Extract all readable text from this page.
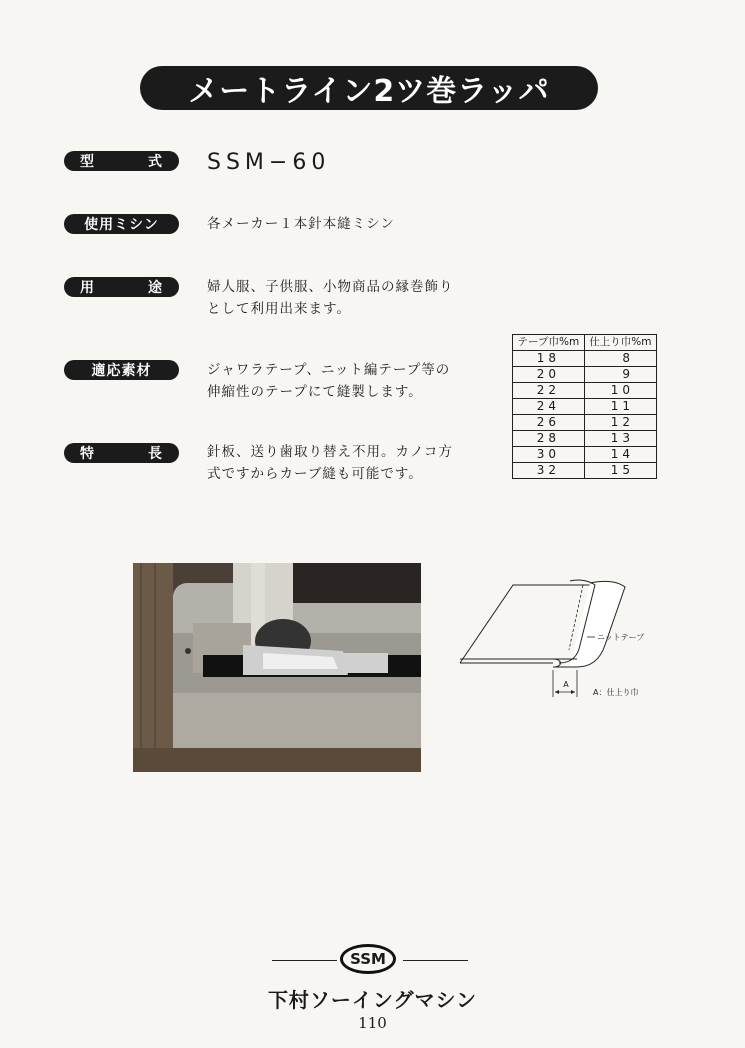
メートライン2ツ巻ラッパ
型	式 SSM−60
使用ミシン	各メーカー１本針本縫ミシン
用	途	婦人服、子供服、小物商品の縁巻飾り
として利用出来ます。
適応素材	ジャワラテープ、ニット編テープ等の
伸縮性のテープにて縫製します。
特	長	針板、送り歯取り替え不用。カノコ方
式ですからカーブ縫も可能です。
テープ巾%m	仕上り巾%m
18	8
20	9
22	10
24	11
26	12
28	13
30	14
32	15
ニットテープ
A
A：仕上り巾
SSM
下村ソーイングマシン
110
